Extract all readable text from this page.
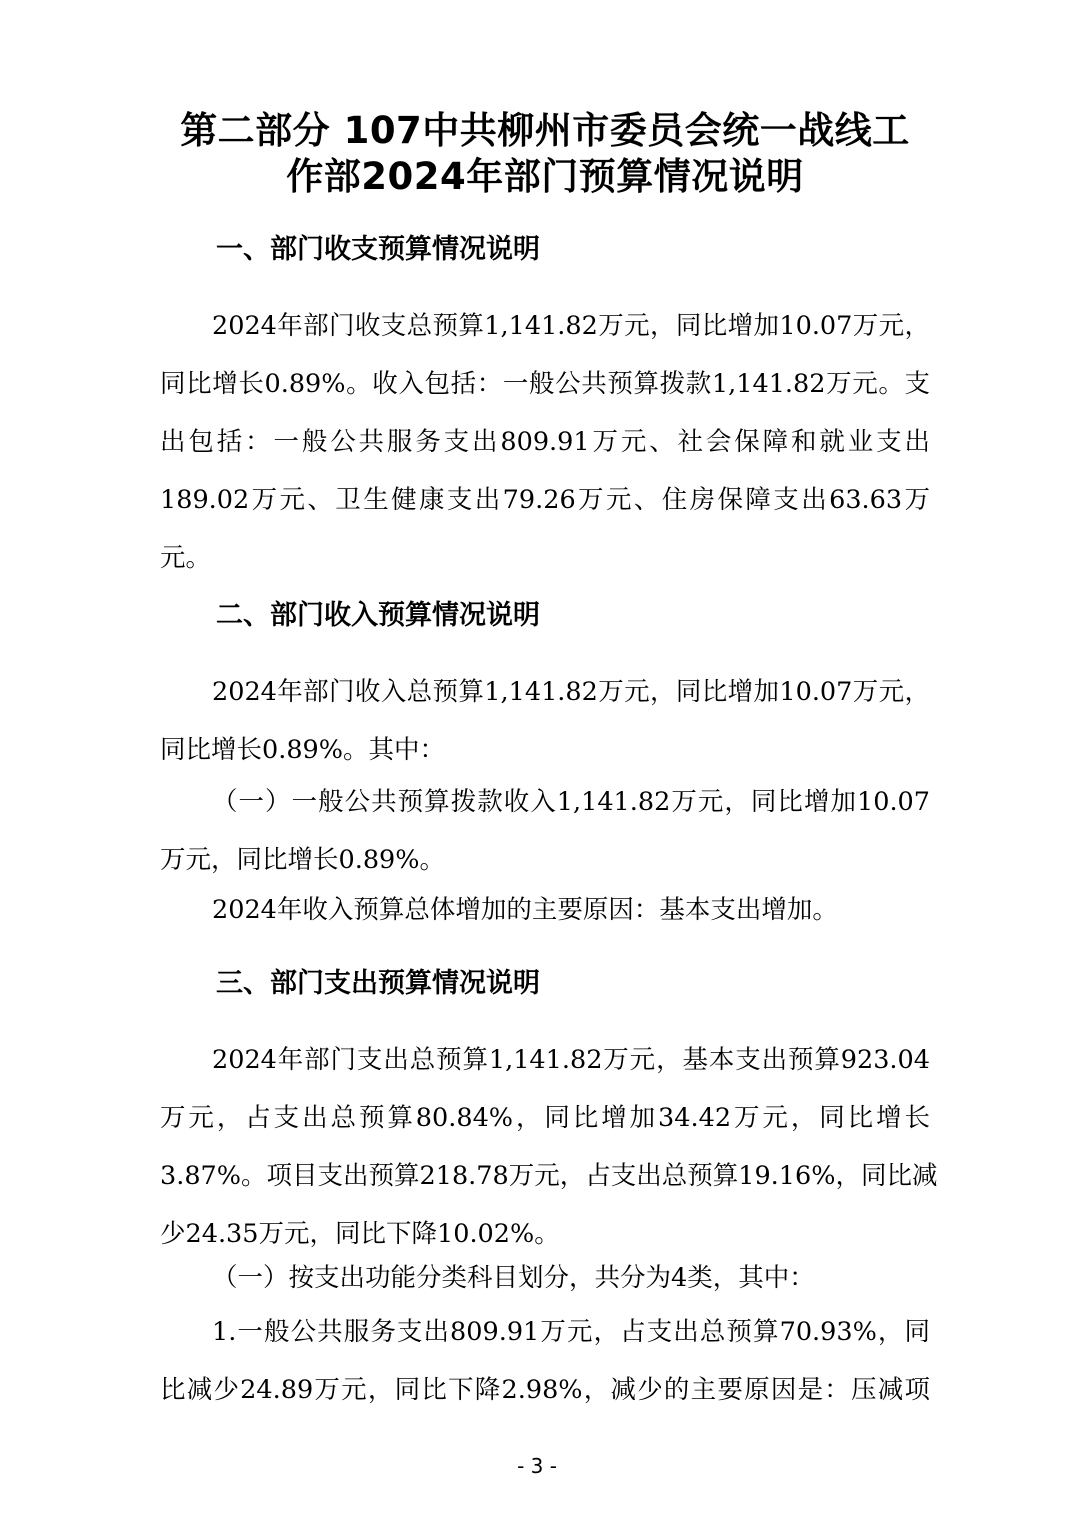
第二部分 107中共柳州市委员会统一战线工
作部2024年部门预算情况说明
一、部门收支预算情况说明
2024年部门收支总预算1,141.82万元，同比增加10.07万元，
同比增长0.89%。收入包括：一般公共预算拨款1,141.82万元。支
出包括：一般公共服务支出809.91万元、社会保障和就业支出
189.02万元、卫生健康支出79.26万元、住房保障支出63.63万
元。
二、部门收入预算情况说明
2024年部门收入总预算1,141.82万元，同比增加10.07万元，
同比增长0.89%。其中：
（一）一般公共预算拨款收入1,141.82万元，同比增加10.07
万元，同比增长0.89%。
2024年收入预算总体增加的主要原因：基本支出增加。
三、部门支出预算情况说明
2024年部门支出总预算1,141.82万元，基本支出预算923.04
万元，占支出总预算80.84%，同比增加34.42万元，同比增长
3.87%。项目支出预算218.78万元，占支出总预算19.16%，同比减
少24.35万元，同比下降10.02%。
（一）按支出功能分类科目划分，共分为4类，其中：
1.一般公共服务支出809.91万元，占支出总预算70.93%，同
比减少24.89万元，同比下降2.98%，减少的主要原因是：压减项
- 3 -
